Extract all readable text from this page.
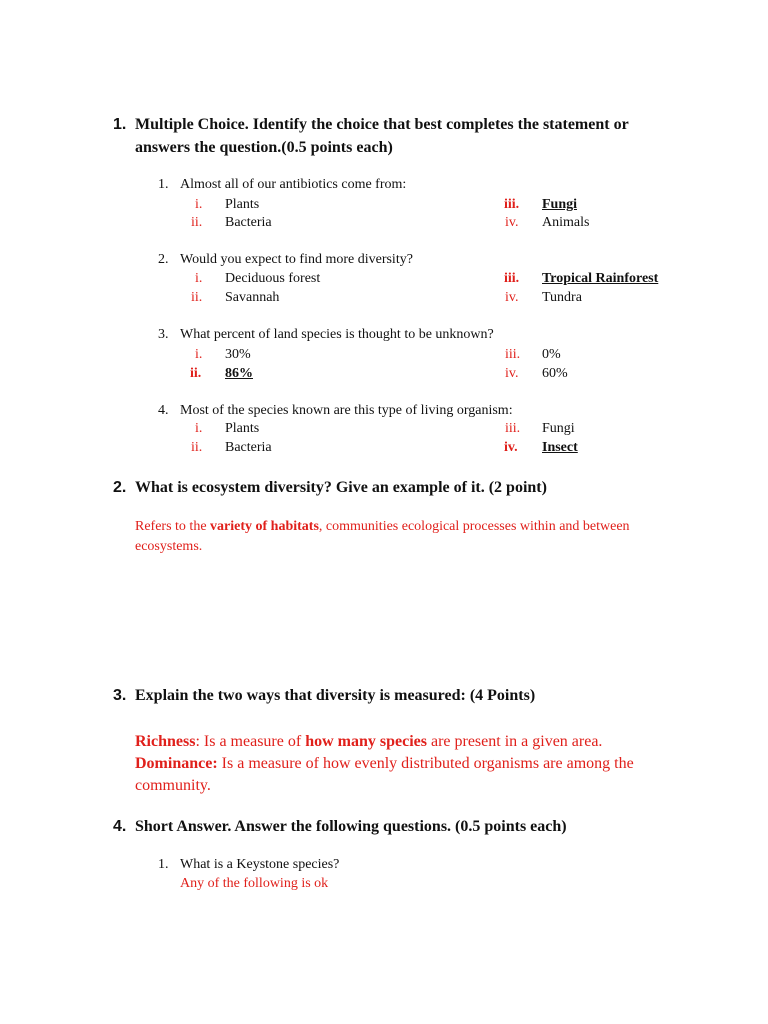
1. Multiple Choice. Identify the choice that best completes the statement or
answers the question.(0.5 points each)
1. Almost all of our antibiotics come from:
i. Plants
ii. Bacteria
iii. Fungi
iv. Animals
2. Would you expect to find more diversity?
i. Deciduous forest
ii. Savannah
iii. Tropical Rainforest
iv. Tundra
3. What percent of land species is thought to be unknown?
i. 30%
ii. 86%
iii. 0%
iv. 60%
4. Most of the species known are this type of living organism:
i. Plants
ii. Bacteria
iii. Fungi
iv. Insect
2. What is ecosystem diversity? Give an example of it. (2 point)
Refers to the variety of habitats, communities ecological processes within and between ecosystems.
3. Explain the two ways that diversity is measured: (4 Points)
Richness: Is a measure of how many species are present in a given area.
Dominance: Is a measure of how evenly distributed organisms are among the community.
4. Short Answer. Answer the following questions. (0.5 points each)
1. What is a Keystone species?
Any of the following is ok
